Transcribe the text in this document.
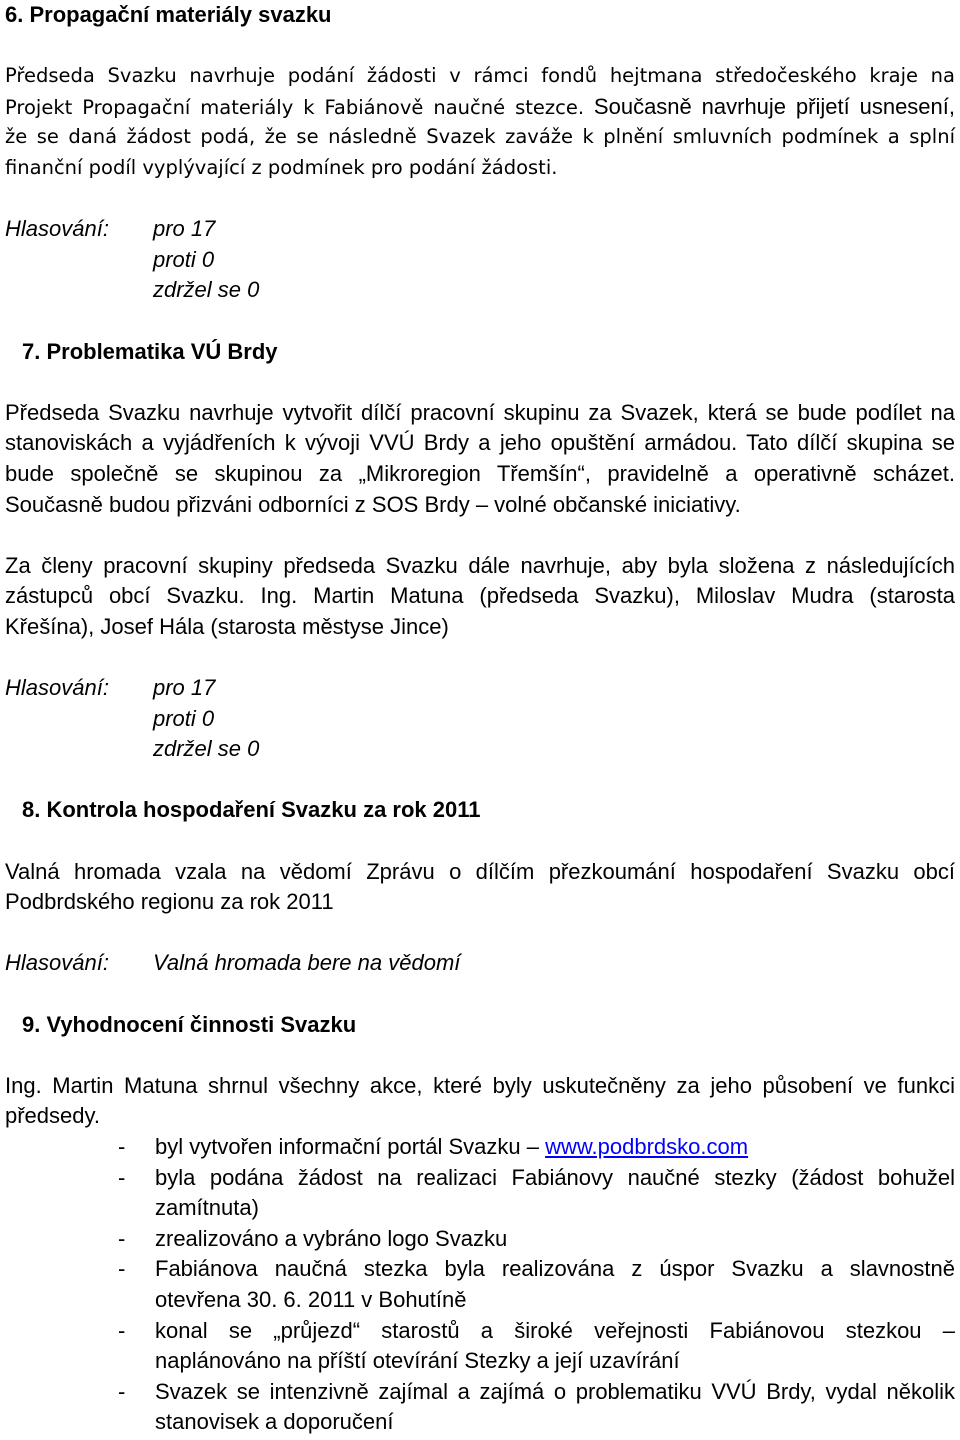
6. Propagační materiály svazku
Předseda Svazku navrhuje podání žádosti v rámci fondů hejtmana středočeského kraje na
Projekt Propagační materiály k Fabiánově naučné stezce. Současně navrhuje přijetí usnesení,
že se daná žádost podá, že se následně Svazek zaváže k plnění smluvních podmínek a splní
finanční podíl vyplývající z podmínek pro podání žádosti.
Hlasování: pro 17
proti 0
zdržel se 0
7. Problematika VÚ Brdy
Předseda Svazku navrhuje vytvořit dílčí pracovní skupinu za Svazek, která se bude podílet na
stanoviskách a vyjádřeních k vývoji VVÚ Brdy a jeho opuštění armádou. Tato dílčí skupina se
bude společně se skupinou za „Mikroregion Třemšín“, pravidelně a operativně scházet.
Současně budou přizváni odborníci z SOS Brdy – volné občanské iniciativy.
Za členy pracovní skupiny předseda Svazku dále navrhuje, aby byla složena z následujících
zástupců obcí Svazku. Ing. Martin Matuna (předseda Svazku), Miloslav Mudra (starosta
Křešína), Josef Hála (starosta městyse Jince)
Hlasování: pro 17
proti 0
zdržel se 0
8. Kontrola hospodaření Svazku za rok 2011
Valná hromada vzala na vědomí Zprávu o dílčím přezkoumání hospodaření Svazku obcí
Podbrdského regionu za rok 2011
Hlasování: Valná hromada bere na vědomí
9. Vyhodnocení činnosti Svazku
Ing. Martin Matuna shrnul všechny akce, které byly uskutečněny za jeho působení ve funkci
předsedy.
- byl vytvořen informační portál Svazku – www.podbrdsko.com
- byla podána žádost na realizaci Fabiánovy naučné stezky (žádost bohužel
zamítnuta)
- zrealizováno a vybráno logo Svazku
- Fabiánova naučná stezka byla realizována z úspor Svazku a slavnostně
otevřena 30. 6. 2011 v Bohutíně
- konal se „průjezd“ starostů a široké veřejnosti Fabiánovou stezkou –
naplánováno na příští otevírání Stezky a její uzavírání
- Svazek se intenzivně zajímal a zajímá o problematiku VVÚ Brdy, vydal několik
stanovisek a doporučení
